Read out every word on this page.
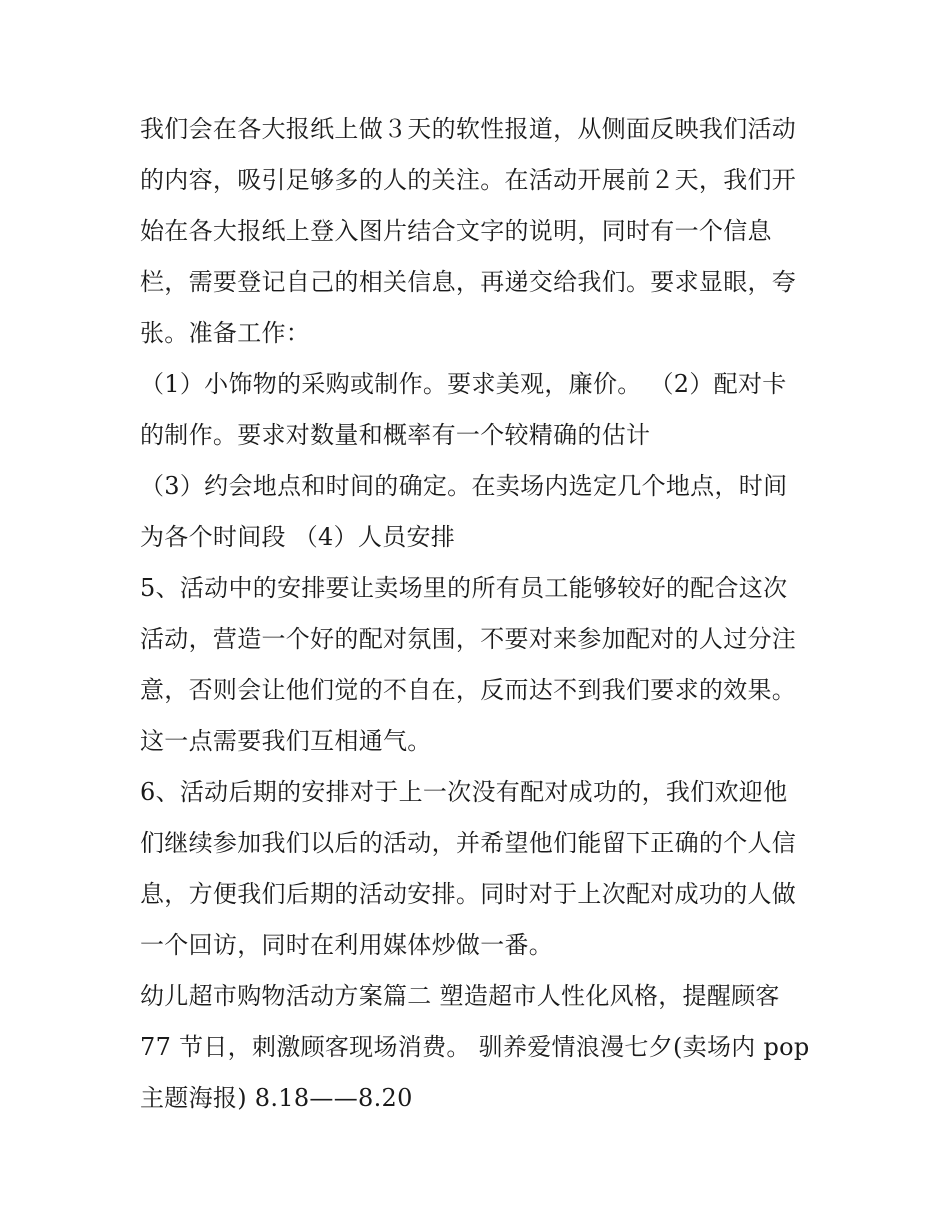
我们会在各大报纸上做３天的软性报道，从侧面反映我们活动
的内容，吸引足够多的人的关注。在活动开展前２天，我们开
始在各大报纸上登入图片结合文字的说明，同时有一个信息
栏，需要登记自己的相关信息，再递交给我们。要求显眼，夸
张。准备工作：
（1）小饰物的采购或制作。要求美观，廉价。 （2）配对卡
的制作。要求对数量和概率有一个较精确的估计
（3）约会地点和时间的确定。在卖场内选定几个地点，时间
为各个时间段 （4）人员安排
5、活动中的安排要让卖场里的所有员工能够较好的配合这次
活动，营造一个好的配对氛围，不要对来参加配对的人过分注
意，否则会让他们觉的不自在，反而达不到我们要求的效果。
这一点需要我们互相通气。
6、活动后期的安排对于上一次没有配对成功的，我们欢迎他
们继续参加我们以后的活动，并希望他们能留下正确的个人信
息，方便我们后期的活动安排。同时对于上次配对成功的人做
一个回访，同时在利用媒体炒做一番。
幼儿超市购物活动方案篇二 塑造超市人性化风格，提醒顾客
77 节日，刺激顾客现场消费。 驯养爱情浪漫七夕(卖场内 pop
主题海报) 8.18——8.20
